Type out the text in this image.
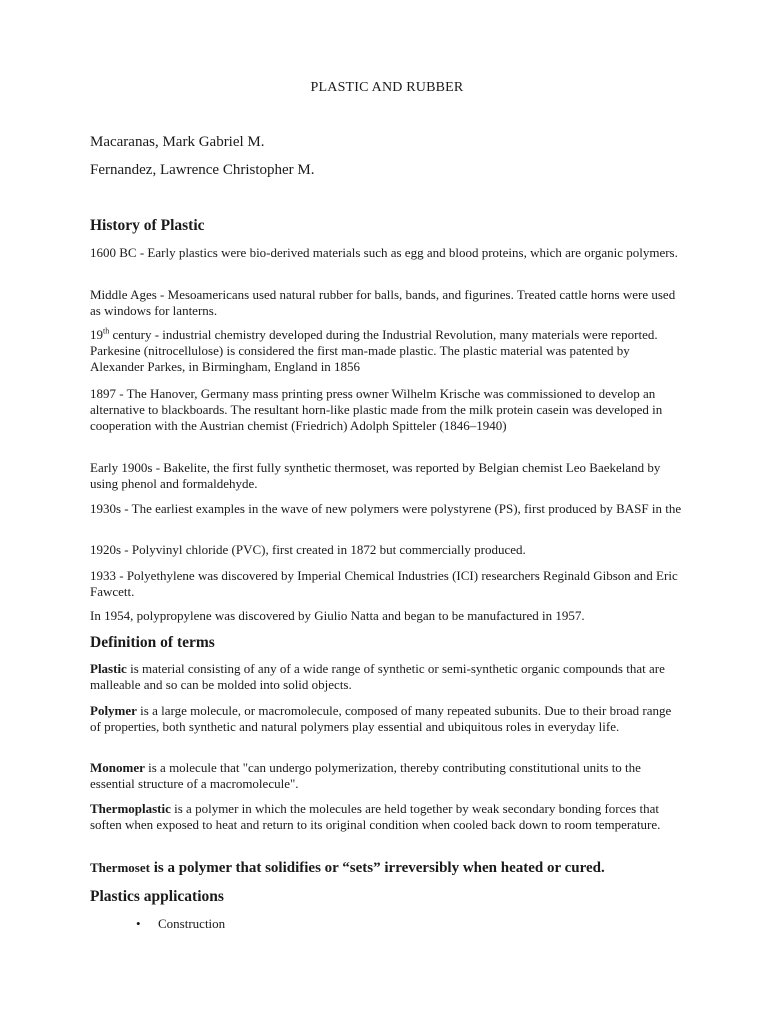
PLASTIC AND RUBBER
Macaranas, Mark Gabriel M.
Fernandez, Lawrence Christopher M.
History of Plastic

1600 BC - Early plastics were bio-derived materials such as egg and blood proteins, which are organic polymers.

Middle Ages - Mesoamericans used natural rubber for balls, bands, and figurines. Treated cattle horns were used as windows for lanterns.

19th century - industrial chemistry developed during the Industrial Revolution, many materials were reported. Parkesine (nitrocellulose) is considered the first man-made plastic. The plastic material was patented by Alexander Parkes, in Birmingham, England in 1856

1897 - The Hanover, Germany mass printing press owner Wilhelm Krische was commissioned to develop an alternative to blackboards. The resultant horn-like plastic made from the milk protein casein was developed in cooperation with the Austrian chemist (Friedrich) Adolph Spitteler (1846–1940)

Early 1900s - Bakelite, the first fully synthetic thermoset, was reported by Belgian chemist Leo Baekeland by using phenol and formaldehyde.

1930s - The earliest examples in the wave of new polymers were polystyrene (PS), first produced by BASF in the

1920s - Polyvinyl chloride (PVC), first created in 1872 but commercially produced.

1933 - Polyethylene was discovered by Imperial Chemical Industries (ICI) researchers Reginald Gibson and Eric Fawcett.

In 1954, polypropylene was discovered by Giulio Natta and began to be manufactured in 1957.

Definition of terms

Plastic is material consisting of any of a wide range of synthetic or semi-synthetic organic compounds that are malleable and so can be molded into solid objects.

Polymer is a large molecule, or macromolecule, composed of many repeated subunits. Due to their broad range of properties, both synthetic and natural polymers play essential and ubiquitous roles in everyday life.

Monomer is a molecule that "can undergo polymerization, thereby contributing constitutional units to the essential structure of a macromolecule".

Thermoplastic is a polymer in which the molecules are held together by weak secondary bonding forces that soften when exposed to heat and return to its original condition when cooled back down to room temperature.

Thermoset is a polymer that solidifies or “sets” irreversibly when heated or cured.

Plastics applications
• Construction
